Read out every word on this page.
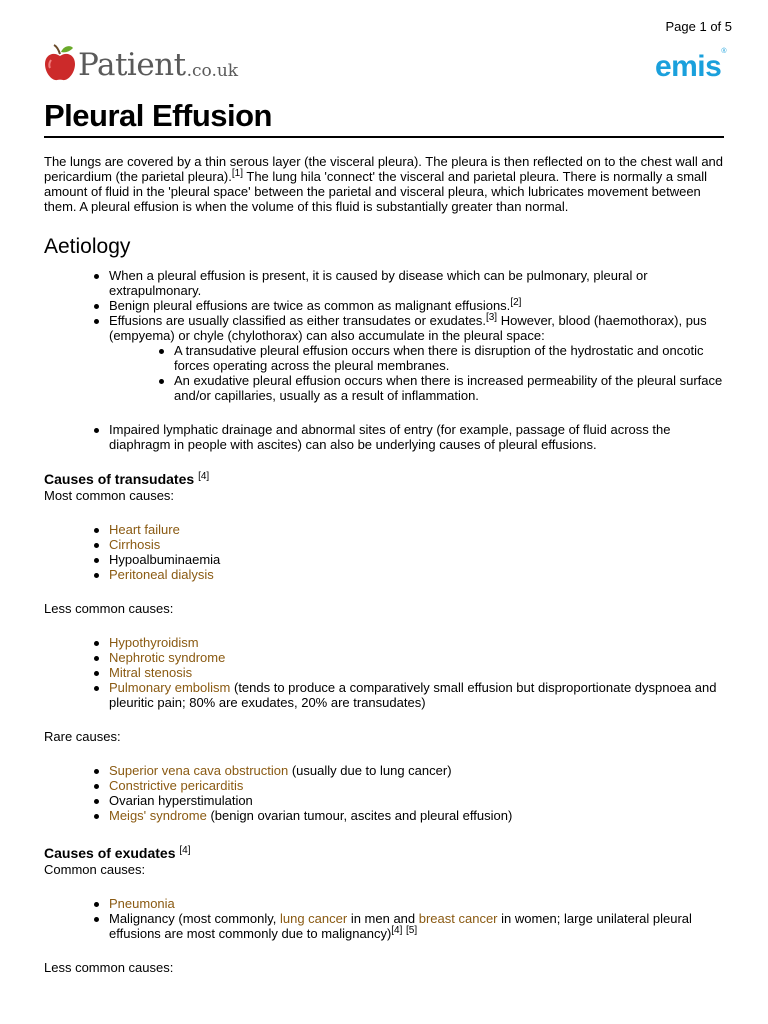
Page 1 of 5
Patient .co.uk	emis®
Pleural Effusion

The lungs are covered by a thin serous layer (the visceral pleura). The pleura is then reflected on to the chest wall and pericardium (the parietal pleura).[1] The lung hila 'connect' the visceral and parietal pleura. There is normally a small amount of fluid in the 'pleural space' between the parietal and visceral pleura, which lubricates movement between them. A pleural effusion is when the volume of this fluid is substantially greater than normal.

Aetiology
When a pleural effusion is present, it is caused by disease which can be pulmonary, pleural or extrapulmonary.
Benign pleural effusions are twice as common as malignant effusions.[2]
Effusions are usually classified as either transudates or exudates.[3] However, blood (haemothorax), pus (empyema) or chyle (chylothorax) can also accumulate in the pleural space:
A transudative pleural effusion occurs when there is disruption of the hydrostatic and oncotic forces operating across the pleural membranes.
An exudative pleural effusion occurs when there is increased permeability of the pleural surface and/or capillaries, usually as a result of inflammation.
Impaired lymphatic drainage and abnormal sites of entry (for example, passage of fluid across the diaphragm in people with ascites) can also be underlying causes of pleural effusions.
Causes of transudates [4]

Most common causes:

Heart failure
Cirrhosis
Hypoalbuminaemia
Peritoneal dialysis

Less common causes:

Hypothyroidism
Nephrotic syndrome
Mitral stenosis
Pulmonary embolism (tends to produce a comparatively small effusion but disproportionate dyspnoea and pleuritic pain; 80% are exudates, 20% are transudates)

Rare causes:

Superior vena cava obstruction (usually due to lung cancer)
Constrictive pericarditis
Ovarian hyperstimulation
Meigs' syndrome (benign ovarian tumour, ascites and pleural effusion)
Causes of exudates [4]

Common causes:

Pneumonia
Malignancy (most commonly, lung cancer in men and breast cancer in women; large unilateral pleural effusions are most commonly due to malignancy)[4] [5]

Less common causes:
